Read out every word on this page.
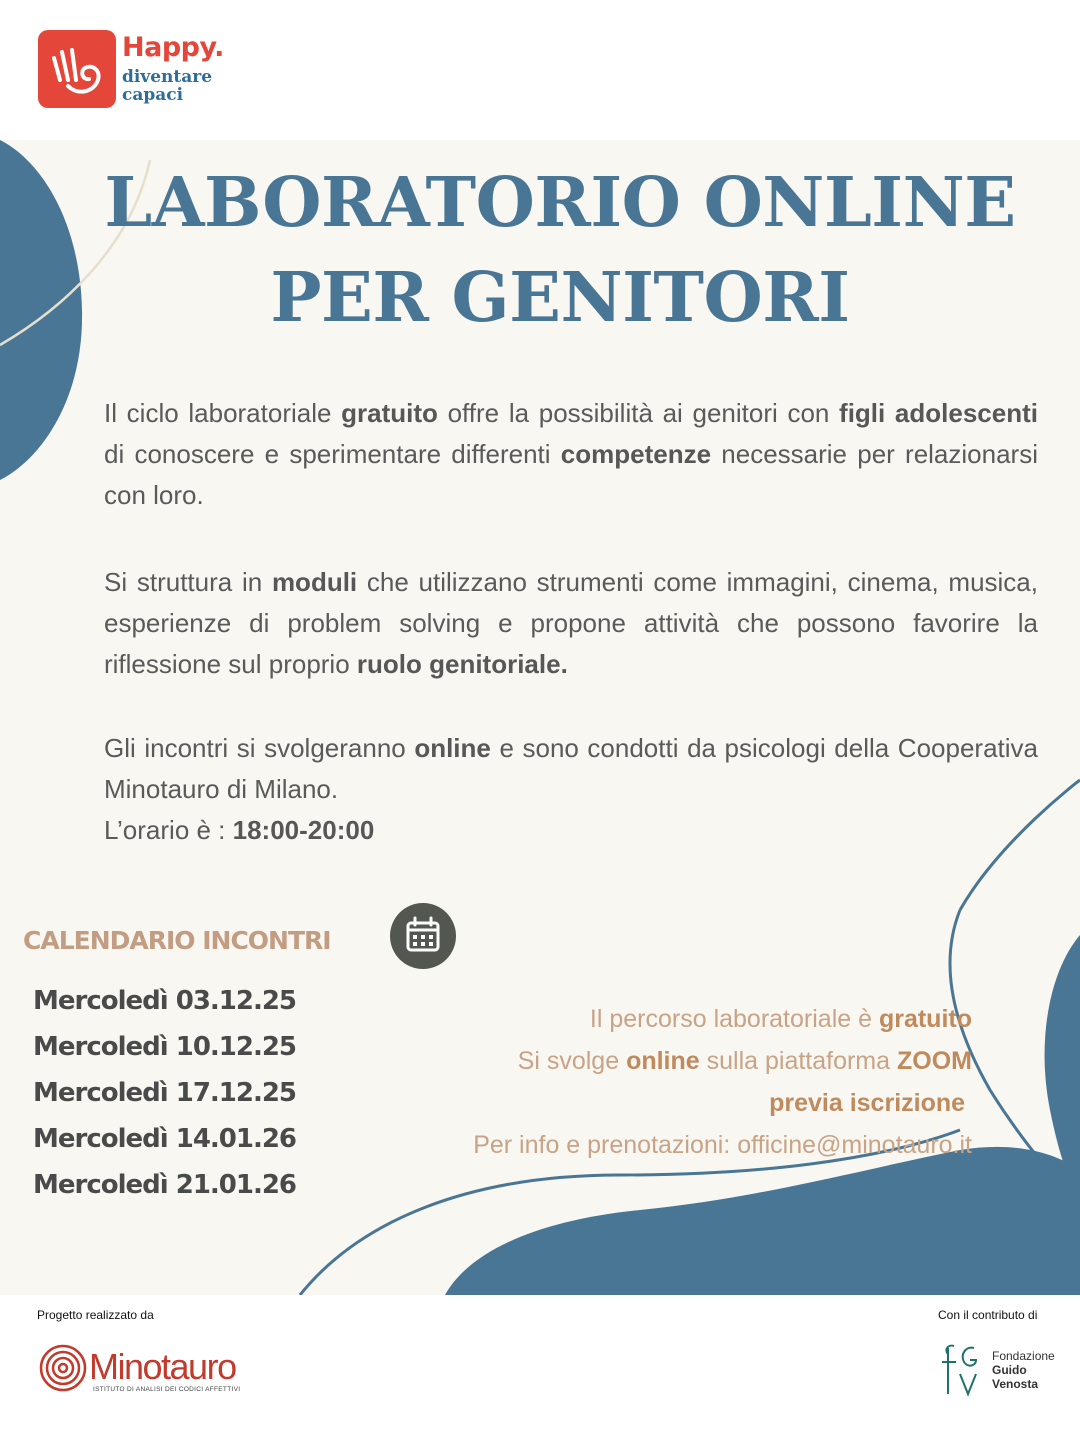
Happy.
diventare
capaci
LABORATORIO ONLINE
PER GENITORI

Il ciclo laboratoriale gratuito offre la possibilità ai genitori con figli adolescenti di conoscere e sperimentare differenti competenze necessarie per relazionarsi con loro.

Si struttura in moduli che utilizzano strumenti come immagini, cinema, musica, esperienze di problem solving e propone attività che possono favorire la riflessione sul proprio ruolo genitoriale.

Gli incontri si svolgeranno online e sono condotti da psicologi della Cooperativa Minotauro di Milano.
L’orario è : 18:00-20:00

CALENDARIO INCONTRI
Mercoledì 03.12.25
Mercoledì 10.12.25
Mercoledì 17.12.25
Mercoledì 14.01.26
Mercoledì 21.01.26
Il percorso laboratoriale è gratuito
Si svolge online sulla piattaforma ZOOM
previa iscrizione
Per info e prenotazioni: officine@minotauro.it
Progetto realizzato da	Con il contributo di
Minotauro
ISTITUTO DI ANALISI DEI CODICI AFFETTIVI
Fondazione
Guido
Venosta
